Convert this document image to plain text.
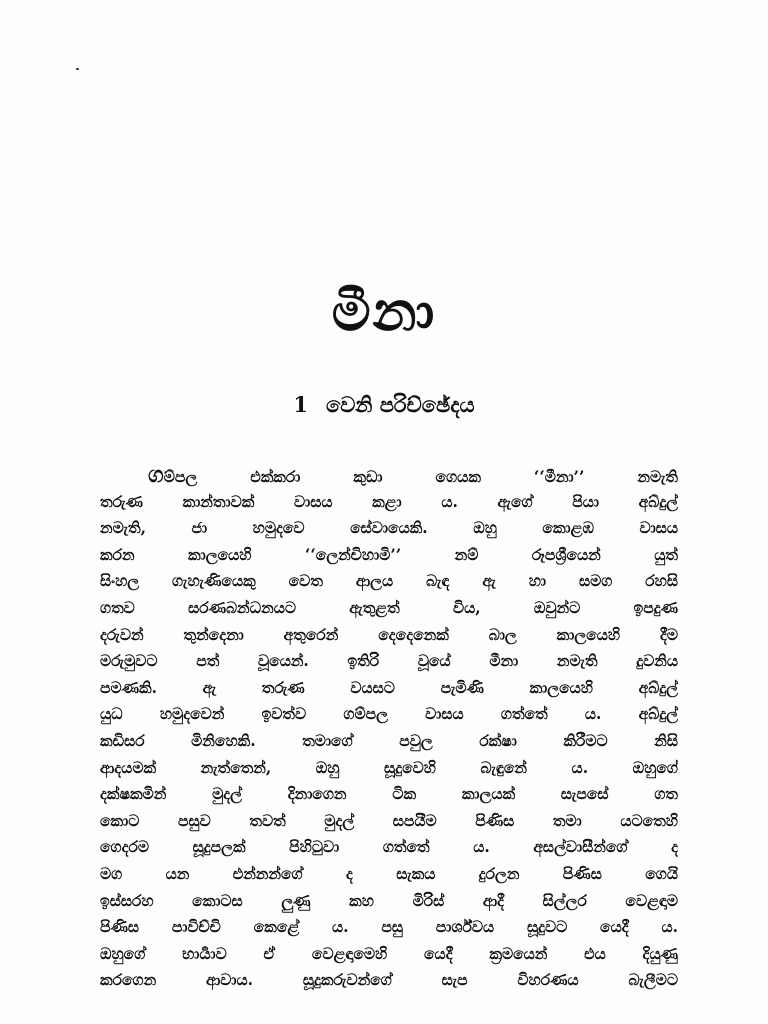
මීනා
1 වෙනි පරිච්ඡේදය
ගම්පල එක්කරා කුඩා ගෙයක ‘‘මීනා’’ නමැති
තරුණ කාන්තාවක් වාසය කළා ය. ඇගේ පියා අබ්දුල්
නමැති, ජා හමුදවෙ සේවායෙකි. ඔහු කොළඹ වාසය
කරන කාලයෙහි ‘‘ලෙන්චිහාමි’’ නම් රූපශ්‍රීයෙන් යුත්
සිංහල ගැහැණියෙකු වෙත ආලය බැඳ ඇ හා සමග රහසි
ගතව සරණබන්ධනයට ඇතුළත් විය, ඔවුන්ට ඉපදුණ
දරුවන් තුන්දෙනා අතුරෙන් දෙදෙනෙක් බාල කාලයෙහි දීම
මරුමුවට පත් වූයෙන්. ඉතිරි වූයේ මීනා නමැති දුවනිය
පමණකි. ඇ තරුණ වයසට පැමිණි කාලයෙහි අබ්දුල්
යුධ හමුදවෙන් ඉවත්ව ගම්පල වාසය ගත්තේ ය. අබ්දුල්
කඩිසර මිනිහෙකි. තමාගේ පවුල රක්ෂා කිරීමට නිසි
ආදයමක් නැත්තෙන්, ඔහු සූදුවෙහි බැඳුනේ ය. ඔහුගේ
දක්ෂකමින් මුදල් දිනාගෙන ටික කාලයක් සැපසේ ගත
කොට පසුව තවත් මුදල් සපයීම පිණිස තමා යටතෙහි
ගෙදරම සූදුපලක් පිහිටුවා ගත්තේ ය. අසල්වාසීන්ගේ ද
මග යන එන්නන්ගේ ද සැකය දුරලන පිණිස ගෙයි
ඉස්සරහ කොටස ලුණු කහ මිරිස් ආදී සිල්ලර වෙළඳාම
පිණිස පාවිච්චි කෙළේ ය. පසු පාර්ශ්වය සූදුවට යෙදී ය.
ඔහුගේ භාර්‍යාව ඒ වෙළඳාමෙහි යෙදී ක්‍රමයෙන් එය දියුණු
කරගෙන ආවාය. සූදුකරුවන්ගේ සැප විහරණය බැලීමට
